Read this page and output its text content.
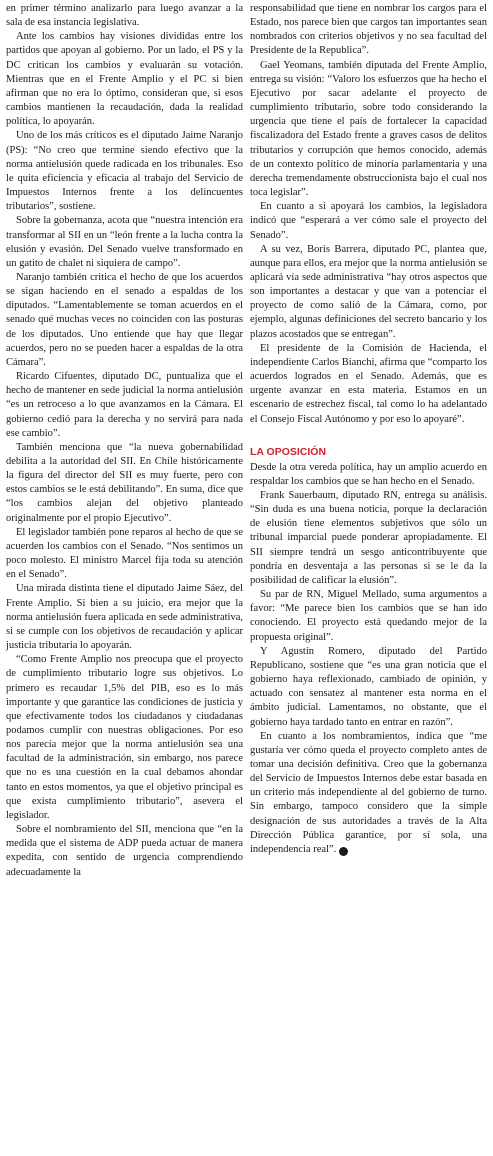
en primer término analizarlo para luego avanzar a la sala de esa instancia legislativa.

Ante los cambios hay visiones divididas entre los partidos que apoyan al gobierno. Por un lado, el PS y la DC critican los cambios y evaluarán su votación. Mientras que en el Frente Amplio y el PC si bien afirman que no era lo óptimo, consideran que, si esos cambios mantienen la recaudación, dada la realidad política, lo apoyarán.

Uno de los más críticos es el diputado Jaime Naranjo (PS): “No creo que termine siendo efectivo que la norma antielusión quede radicada en los tribunales. Eso le quita eficiencia y eficacia al trabajo del Servicio de Impuestos Internos frente a los delincuentes tributarios”, sostiene.

Sobre la gobernanza, acota que “nuestra intención era transformar al SII en un “león frente a la lucha contra la elusión y evasión. Del Senado vuelve transformado en un gatito de chalet ni siquiera de campo”.

Naranjo también critica el hecho de que los acuerdos se sigan haciendo en el senado a espaldas de los diputados. “Lamentablemente se toman acuerdos en el senado qué muchas veces no coinciden con las posturas de los diputados. Uno entiende que hay que llegar acuerdos, pero no se pueden hacer a espaldas de la otra Cámara”.

Ricardo Cifuentes, diputado DC, puntualiza que el hecho de mantener en sede judicial la norma antielusión “es un retroceso a lo que avanzamos en la Cámara. El gobierno cedió para la derecha y no servirá para nada ese cambio”.

También menciona que “la nueva gobernabilidad debilita a la autoridad del SII. En Chile históricamente la figura del director del SII es muy fuerte, pero con estos cambios se le está debilitando”. En suma, dice que “los cambios alejan del objetivo planteado originalmente por el propio Ejecutivo”.

El legislador también pone reparos al hecho de que se acuerden los cambios con el Senado. “Nos sentimos un poco molesto. El ministro Marcel fija toda su atención en el Senado”.

Una mirada distinta tiene el diputado Jaime Sáez, del Frente Amplio. Si bien a su juicio, era mejor que la norma antielusión fuera aplicada en sede administrativa, si se cumple con los objetivos de recaudación y aplicar justicia tributaria lo apoyarán.

“Como Frente Amplio nos preocupa que el proyecto de cumplimiento tributario logre sus objetivos. Lo primero es recaudar 1,5% del PIB, eso es lo más importante y que garantice las condiciones de justicia y que efectivamente todos los ciudadanos y ciudadanas podamos cumplir con nuestras obligaciones. Por eso nos parecía mejor que la norma antielusión sea una facultad de la administración, sin embargo, nos parece que no es una cuestión en la cual debamos ahondar tanto en estos momentos, ya que el objetivo principal es que exista cumplimiento tributario”, asevera el legislador.

Sobre el nombramiento del SII, menciona que “en la medida que el sistema de ADP pueda actuar de manera expedita, con sentido de urgencia comprendiendo adecuadamente la

responsabilidad que tiene en nombrar los cargos para el Estado, nos parece bien que cargos tan importantes sean nombrados con criterios objetivos y no sea facultad del Presidente de la Republica”.

Gael Yeomans, también diputada del Frente Amplio, entrega su visión: “Valoro los esfuerzos que ha hecho el Ejecutivo por sacar adelante el proyecto de cumplimiento tributario, sobre todo considerando la urgencia que tiene el país de fortalecer la capacidad fiscalizadora del Estado frente a graves casos de delitos tributarios y corrupción que hemos conocido, además de un contexto político de minoría parlamentaria y una derecha tremendamente obstruccionista bajo el cual nos toca legislar”.

En cuanto a si apoyará los cambios, la legisladora indicó que “esperará a ver cómo sale el proyecto del Senado”.

A su vez, Boris Barrera, diputado PC, plantea que, aunque para ellos, era mejor que la norma antielusión se aplicará vía sede administrativa “hay otros aspectos que son importantes a destacar y que van a potenciar el proyecto de como salió de la Cámara, como, por ejemplo, algunas definiciones del secreto bancario y los plazos acostados que se entregan”.

El presidente de la Comisión de Hacienda, el independiente Carlos Bianchi, afirma que “comparto los acuerdos logrados en el Senado. Además, que es urgente avanzar en esta materia. Estamos en un escenario de estrechez fiscal, tal como lo ha adelantado el Consejo Fiscal Autónomo y por eso lo apoyaré”.

LA OPOSICIÓN

Desde la otra vereda política, hay un amplio acuerdo en respaldar los cambios que se han hecho en el Senado.

Frank Sauerbaum, diputado RN, entrega su análisis. “Sin duda es una buena noticia, porque la declaración de elusión tiene elementos subjetivos que sólo un tribunal imparcial puede ponderar apropiadamente. El SII siempre tendrá un sesgo anticontribuyente que pondría en desventaja a las personas si se le da la posibilidad de calificar la elusión”.

Su par de RN, Miguel Mellado, suma argumentos a favor: “Me parece bien los cambios que se han ido conociendo. El proyecto está quedando mejor de la propuesta original”.

Y Agustín Romero, diputado del Partido Republicano, sostiene que “es una gran noticia que el gobierno haya reflexionado, cambiado de opinión, y actuado con sensatez al mantener esta norma en el ámbito judicial. Lamentamos, no obstante, que el gobierno haya tardado tanto en entrar en razón”.

En cuanto a los nombramientos, indica que “me gustaría ver cómo queda el proyecto completo antes de tomar una decisión definitiva. Creo que la gobernanza del Servicio de Impuestos Internos debe estar basada en un criterio más independiente al del gobierno de turno. Sin embargo, tampoco considero que la simple designación de sus autoridades a través de la Alta Dirección Pública garantice, por sí sola, una independencia real”. P
